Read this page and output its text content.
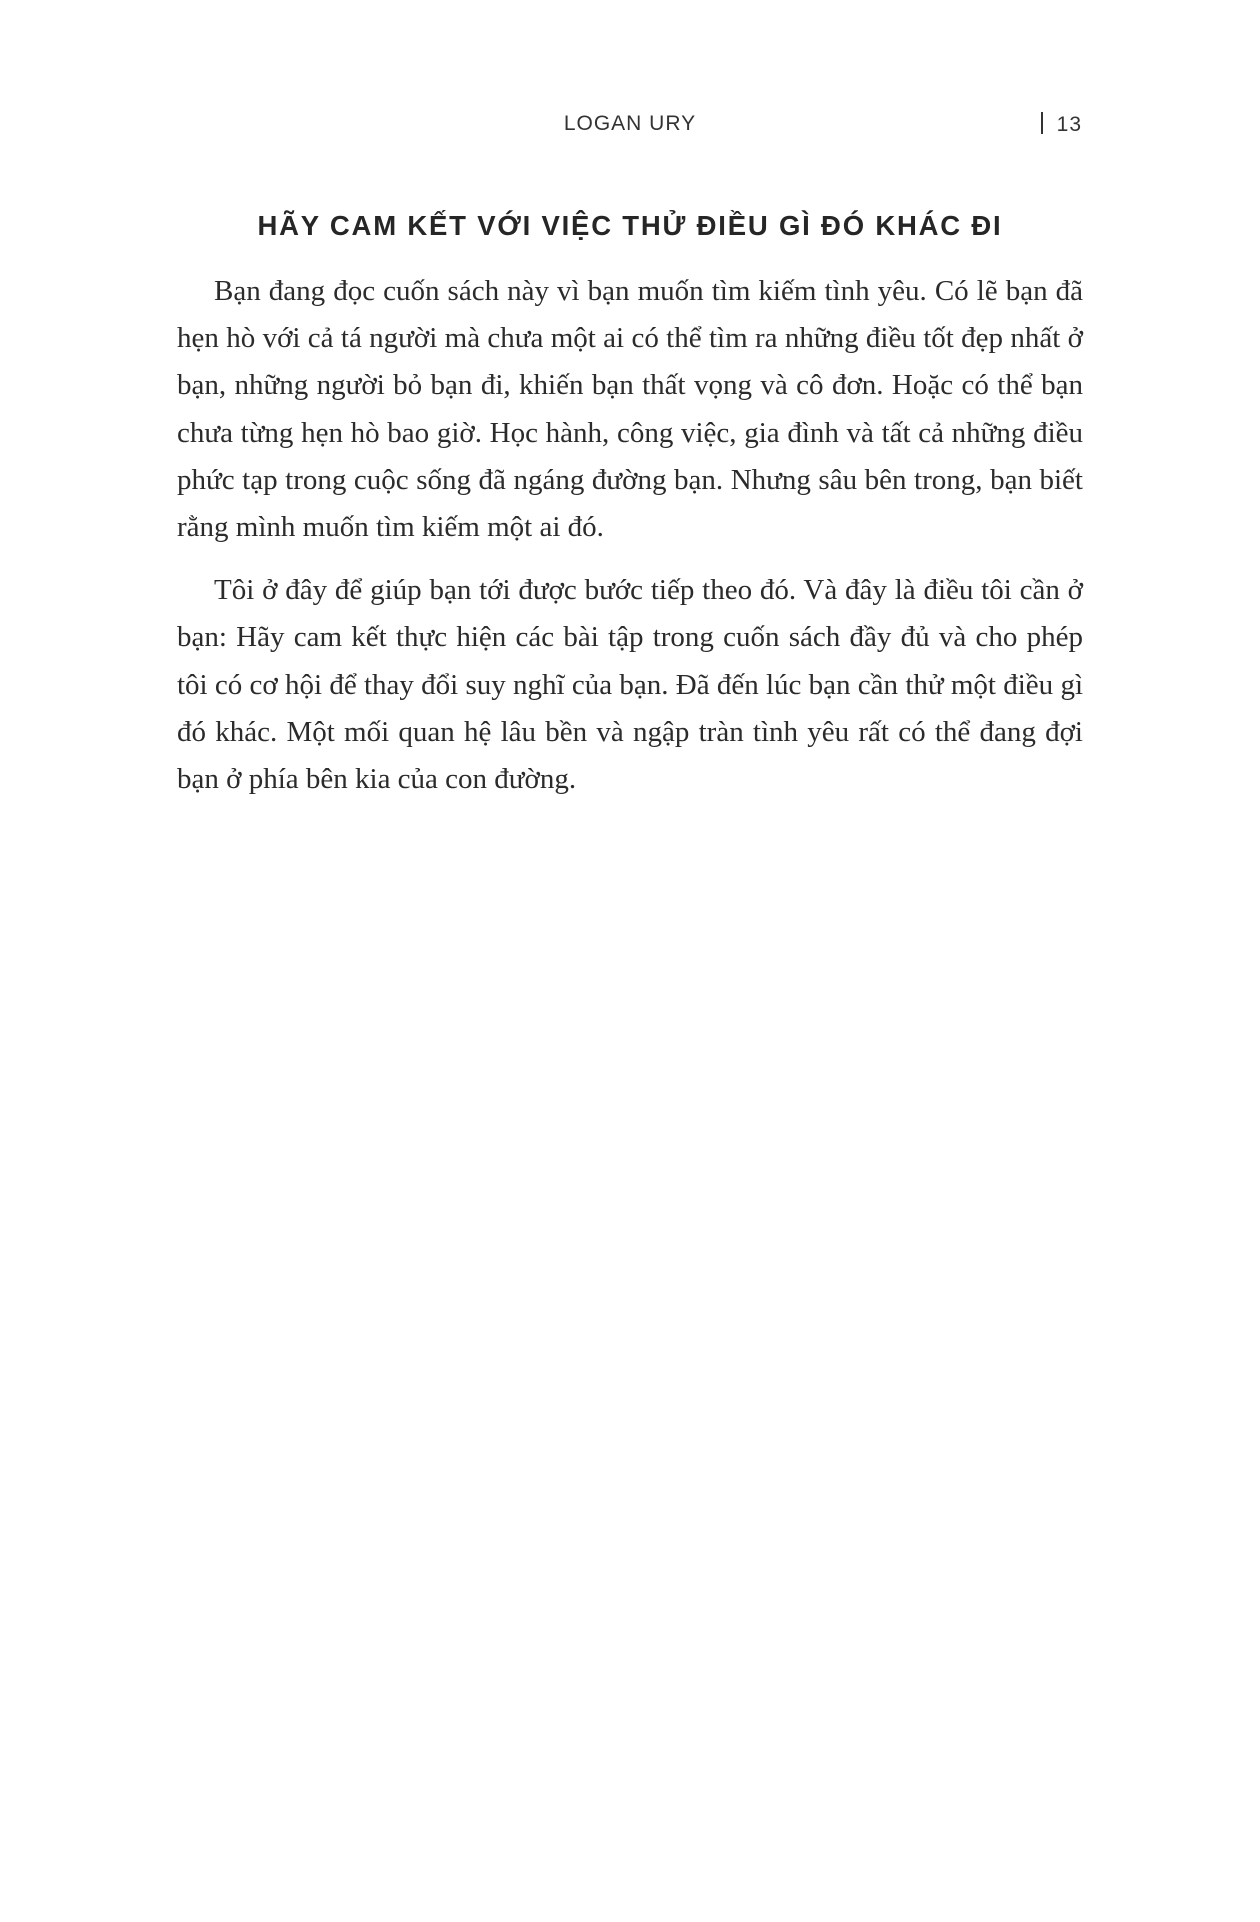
LOGAN URY	13
HÃY CAM KẾT VỚI VIỆC THỬ ĐIỀU GÌ ĐÓ KHÁC ĐI

Bạn đang đọc cuốn sách này vì bạn muốn tìm kiếm tình yêu. Có lẽ bạn đã hẹn hò với cả tá người mà chưa một ai có thể tìm ra những điều tốt đẹp nhất ở bạn, những người bỏ bạn đi, khiến bạn thất vọng và cô đơn. Hoặc có thể bạn chưa từng hẹn hò bao giờ. Học hành, công việc, gia đình và tất cả những điều phức tạp trong cuộc sống đã ngáng đường bạn. Nhưng sâu bên trong, bạn biết rằng mình muốn tìm kiếm một ai đó.

Tôi ở đây để giúp bạn tới được bước tiếp theo đó. Và đây là điều tôi cần ở bạn: Hãy cam kết thực hiện các bài tập trong cuốn sách đầy đủ và cho phép tôi có cơ hội để thay đổi suy nghĩ của bạn. Đã đến lúc bạn cần thử một điều gì đó khác. Một mối quan hệ lâu bền và ngập tràn tình yêu rất có thể đang đợi bạn ở phía bên kia của con đường.
